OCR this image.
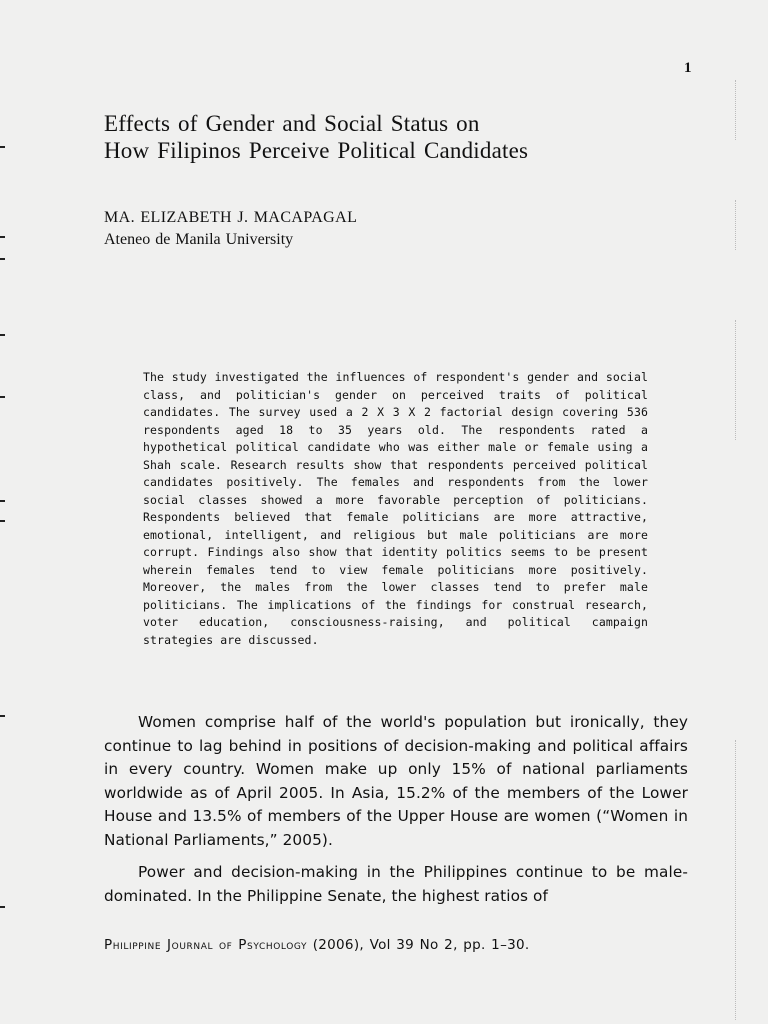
1
Effects of Gender and Social Status on
How Filipinos Perceive Political Candidates
MA. ELIZABETH J. MACAPAGAL
Ateneo de Manila University
The study investigated the influences of respondent's gender and social class, and politician's gender on perceived traits of political candidates. The survey used a 2 X 3 X 2 factorial design covering 536 respondents aged 18 to 35 years old. The respondents rated a hypothetical political candidate who was either male or female using a Shah scale. Research results show that respondents perceived political candidates positively. The females and respondents from the lower social classes showed a more favorable perception of politicians. Respondents believed that female politicians are more attractive, emotional, intelligent, and religious but male politicians are more corrupt. Findings also show that identity politics seems to be present wherein females tend to view female politicians more positively. Moreover, the males from the lower classes tend to prefer male politicians. The implications of the findings for construal research, voter education, consciousness-raising, and political campaign strategies are discussed.

Women comprise half of the world's population but ironically, they continue to lag behind in positions of decision-making and political affairs in every country. Women make up only 15% of national parliaments worldwide as of April 2005. In Asia, 15.2% of the members of the Lower House and 13.5% of members of the Upper House are women (“Women in National Parliaments,” 2005).

Power and decision-making in the Philippines continue to be male-dominated. In the Philippine Senate, the highest ratios of

Philippine Journal of Psychology (2006), Vol 39 No 2, pp. 1–30.
